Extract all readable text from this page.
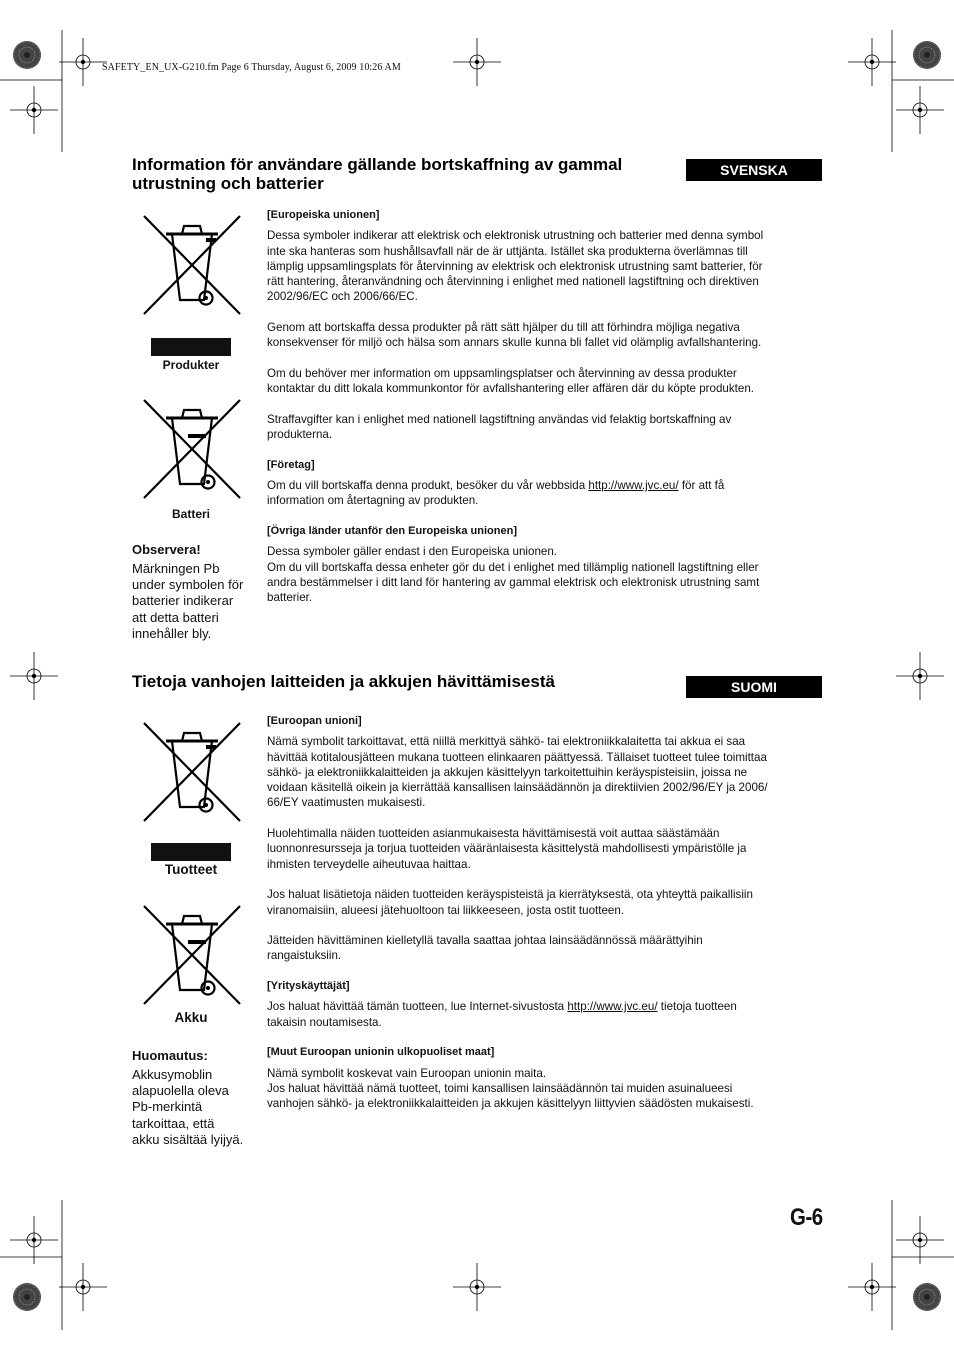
SAFETY_EN_UX-G210.fm Page 6 Thursday, August 6, 2009 10:26 AM
Information för användare gällande bortskaffning av gammal
utrustning och batterier
SVENSKA
Produkter
Batteri
Observera!
Märkningen Pb
under symbolen för
batterier indikerar
att detta batteri
innehåller bly.

[Europeiska unionen]

Dessa symboler indikerar att elektrisk och elektronisk utrustning och batterier med denna symbol

inte ska hanteras som hushållsavfall när de är uttjänta. Istället ska produkterna överlämnas till

lämplig uppsamlingsplats för återvinning av elektrisk och elektronisk utrustning samt batterier, för

rätt hantering, återanvändning och återvinning i enlighet med nationell lagstiftning och direktiven

2002/96/EC och 2006/66/EC.

Genom att bortskaffa dessa produkter på rätt sätt hjälper du till att förhindra möjliga negativa

konsekvenser för miljö och hälsa som annars skulle kunna bli fallet vid olämplig avfallshantering.

Om du behöver mer information om uppsamlingsplatser och återvinning av dessa produkter

kontaktar du ditt lokala kommunkontor för avfallshantering eller affären där du köpte produkten.

Straffavgifter kan i enlighet med nationell lagstiftning användas vid felaktig bortskaffning av

produkterna.

[Företag]

Om du vill bortskaffa denna produkt, besöker du vår webbsida http://www.jvc.eu/ för att få

information om återtagning av produkten.

[Övriga länder utanför den Europeiska unionen]

Dessa symboler gäller endast i den Europeiska unionen.

Om du vill bortskaffa dessa enheter gör du det i enlighet med tillämplig nationell lagstiftning eller

andra bestämmelser i ditt land för hantering av gammal elektrisk och elektronisk utrustning samt

batterier.

Tietoja vanhojen laitteiden ja akkujen hävittämisestä	SUOMI
Tuotteet
Akku
Huomautus:
Akkusymoblin
alapuolella oleva
Pb-merkintä
tarkoittaa, että
akku sisältää lyijyä.

[Euroopan unioni]

Nämä symbolit tarkoittavat, että niillä merkittyä sähkö- tai elektroniikkalaitetta tai akkua ei saa

hävittää kotitalousjätteen mukana tuotteen elinkaaren päättyessä. Tällaiset tuotteet tulee toimittaa

sähkö- ja elektroniikkalaitteiden ja akkujen käsittelyyn tarkoitettuihin keräyspisteisiin, joissa ne

voidaan käsitellä oikein ja kierrättää kansallisen lainsäädännön ja direktiivien 2002/96/EY ja 2006/

66/EY vaatimusten mukaisesti.

Huolehtimalla näiden tuotteiden asianmukaisesta hävittämisestä voit auttaa säästämään

luonnonresursseja ja torjua tuotteiden vääränlaisesta käsittelystä mahdollisesti ympäristölle ja

ihmisten terveydelle aiheutuvaa haittaa.

Jos haluat lisätietoja näiden tuotteiden keräyspisteistä ja kierrätyksestä, ota yhteyttä paikallisiin

viranomaisiin, alueesi jätehuoltoon tai liikkeeseen, josta ostit tuotteen.

Jätteiden hävittäminen kielletyllä tavalla saattaa johtaa lainsäädännössä määrättyihin

rangaistuksiin.

[Yrityskäyttäjät]

Jos haluat hävittää tämän tuotteen, lue Internet-sivustosta http://www.jvc.eu/ tietoja tuotteen

takaisin noutamisesta.

[Muut Euroopan unionin ulkopuoliset maat]

Nämä symbolit koskevat vain Euroopan unionin maita.

Jos haluat hävittää nämä tuotteet, toimi kansallisen lainsäädännön tai muiden asuinalueesi

vanhojen sähkö- ja elektroniikkalaitteiden ja akkujen käsittelyyn liittyvien säädösten mukaisesti.

G-6
